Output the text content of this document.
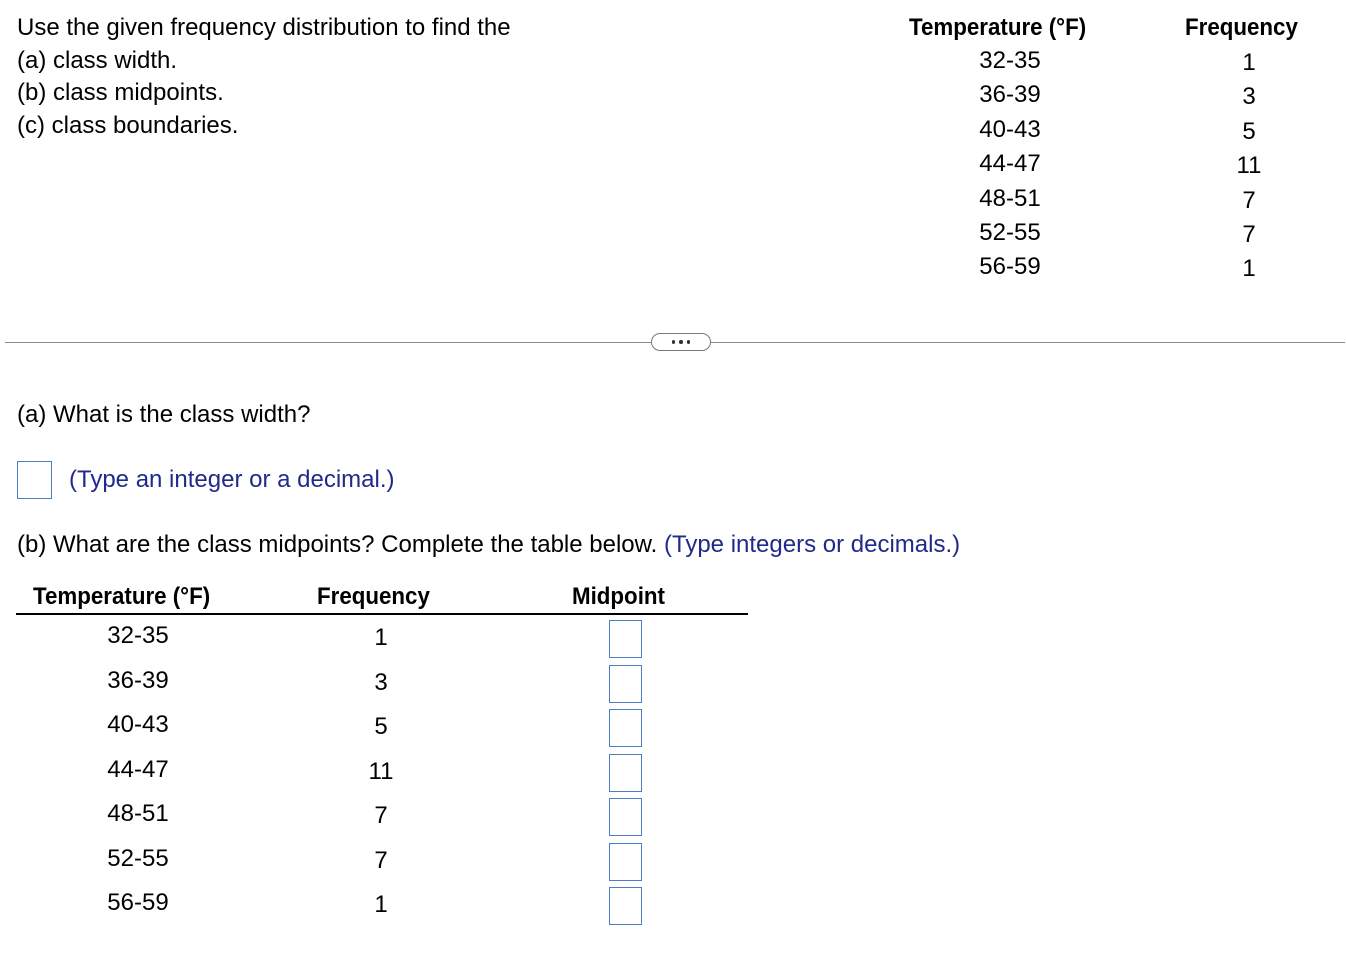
Use the given frequency distribution to find the
(a) class width.
(b) class midpoints.
(c) class boundaries.
Temperature (°F)	Frequency
32-35	1
36-39	3
40-43	5
44-47	11
48-51	7
52-55	7
56-59	1
(a) What is the class width?
(Type an integer or a decimal.)
(b) What are the class midpoints? Complete the table below. (Type integers or decimals.)
Temperature (°F)	Frequency	Midpoint
32-35	1
36-39	3
40-43	5
44-47	11
48-51	7
52-55	7
56-59	1
